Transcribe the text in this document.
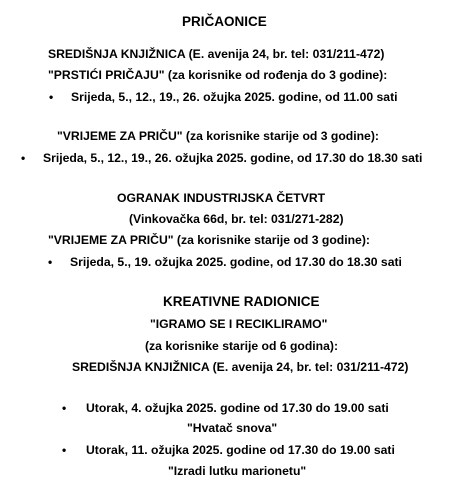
PRIČAONICE
SREDIŠNJA KNJIŽNICA (E. avenija 24, br. tel: 031/211-472)
"PRSTIĆI PRIČAJU" (za korisnike od rođenja do 3 godine):
• Srijeda, 5., 12., 19., 26. ožujka 2025. godine, od 11.00 sati
"VRIJEME ZA PRIČU" (za korisnike starije od 3 godine):
• Srijeda, 5., 12., 19., 26. ožujka 2025. godine, od 17.30 do 18.30 sati
OGRANAK INDUSTRIJSKA ČETVRT
(Vinkovačka 66d, br. tel: 031/271-282)
"VRIJEME ZA PRIČU" (za korisnike starije od 3 godine):
• Srijeda, 5., 19. ožujka 2025. godine, od 17.30 do 18.30 sati
KREATIVNE RADIONICE
"IGRAMO SE I RECIKLIRAMO"
(za korisnike starije od 6 godina):
SREDIŠNJA KNJIŽNICA (E. avenija 24, br. tel: 031/211-472)
• Utorak, 4. ožujka 2025. godine od 17.30 do 19.00 sati
"Hvatač snova"
• Utorak, 11. ožujka 2025. godine od 17.30 do 19.00 sati
"Izradi lutku marionetu"
